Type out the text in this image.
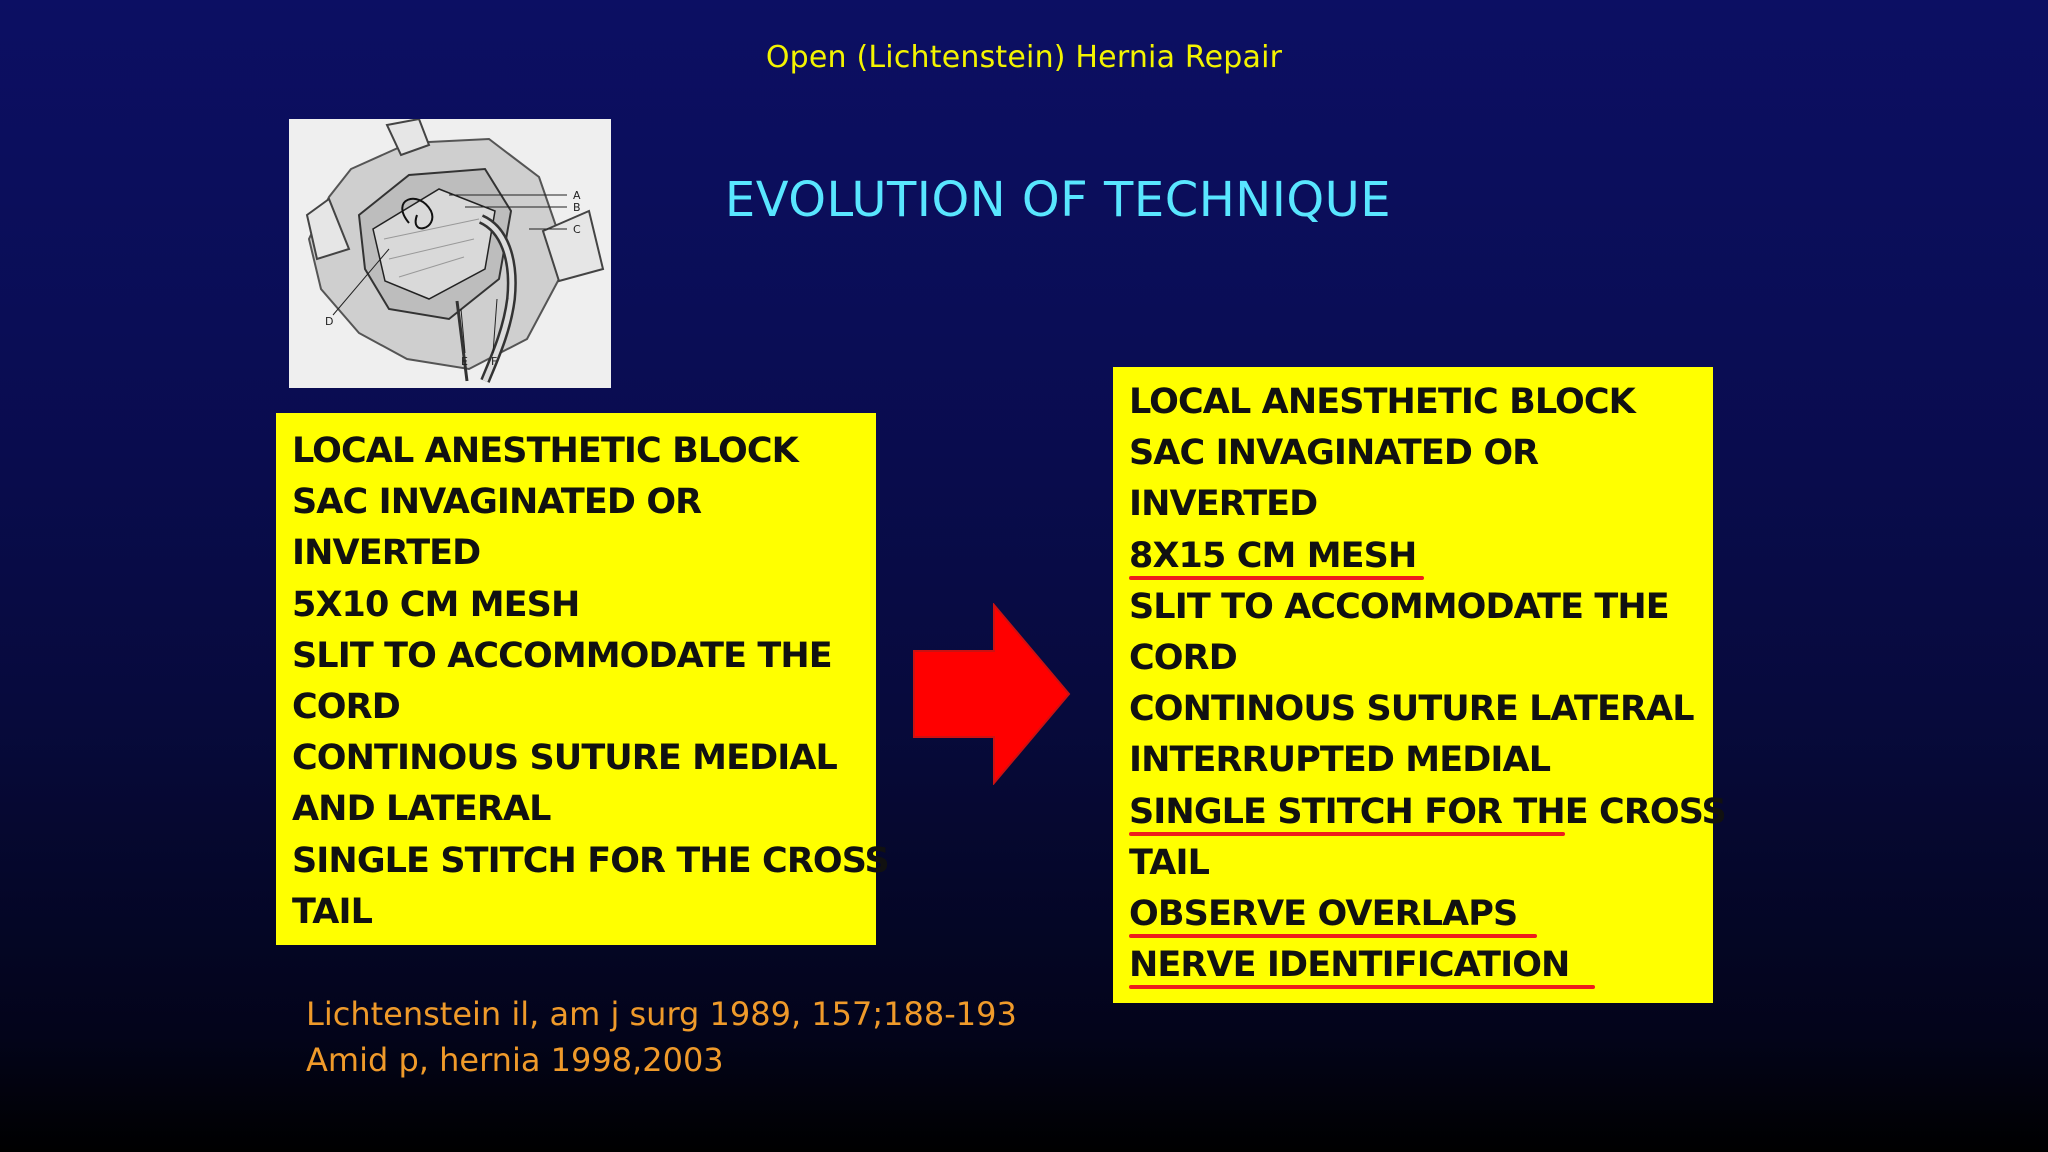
Open (Lichtenstein) Hernia Repair
EVOLUTION OF TECHNIQUE
A
B
C
D
E F
LOCAL ANESTHETIC BLOCK
SAC INVAGINATED OR
INVERTED
5X10 CM MESH
SLIT TO ACCOMMODATE THE
CORD
CONTINOUS SUTURE MEDIAL
AND LATERAL
SINGLE STITCH FOR THE CROSS
TAIL
LOCAL ANESTHETIC BLOCK
SAC INVAGINATED OR
INVERTED
8X15 CM MESH
SLIT TO ACCOMMODATE THE
CORD
CONTINOUS SUTURE LATERAL
INTERRUPTED MEDIAL
SINGLE STITCH FOR THE CROSS
TAIL
OBSERVE OVERLAPS
NERVE IDENTIFICATION
Lichtenstein il, am j surg 1989, 157;188-193
Amid p, hernia 1998,2003
